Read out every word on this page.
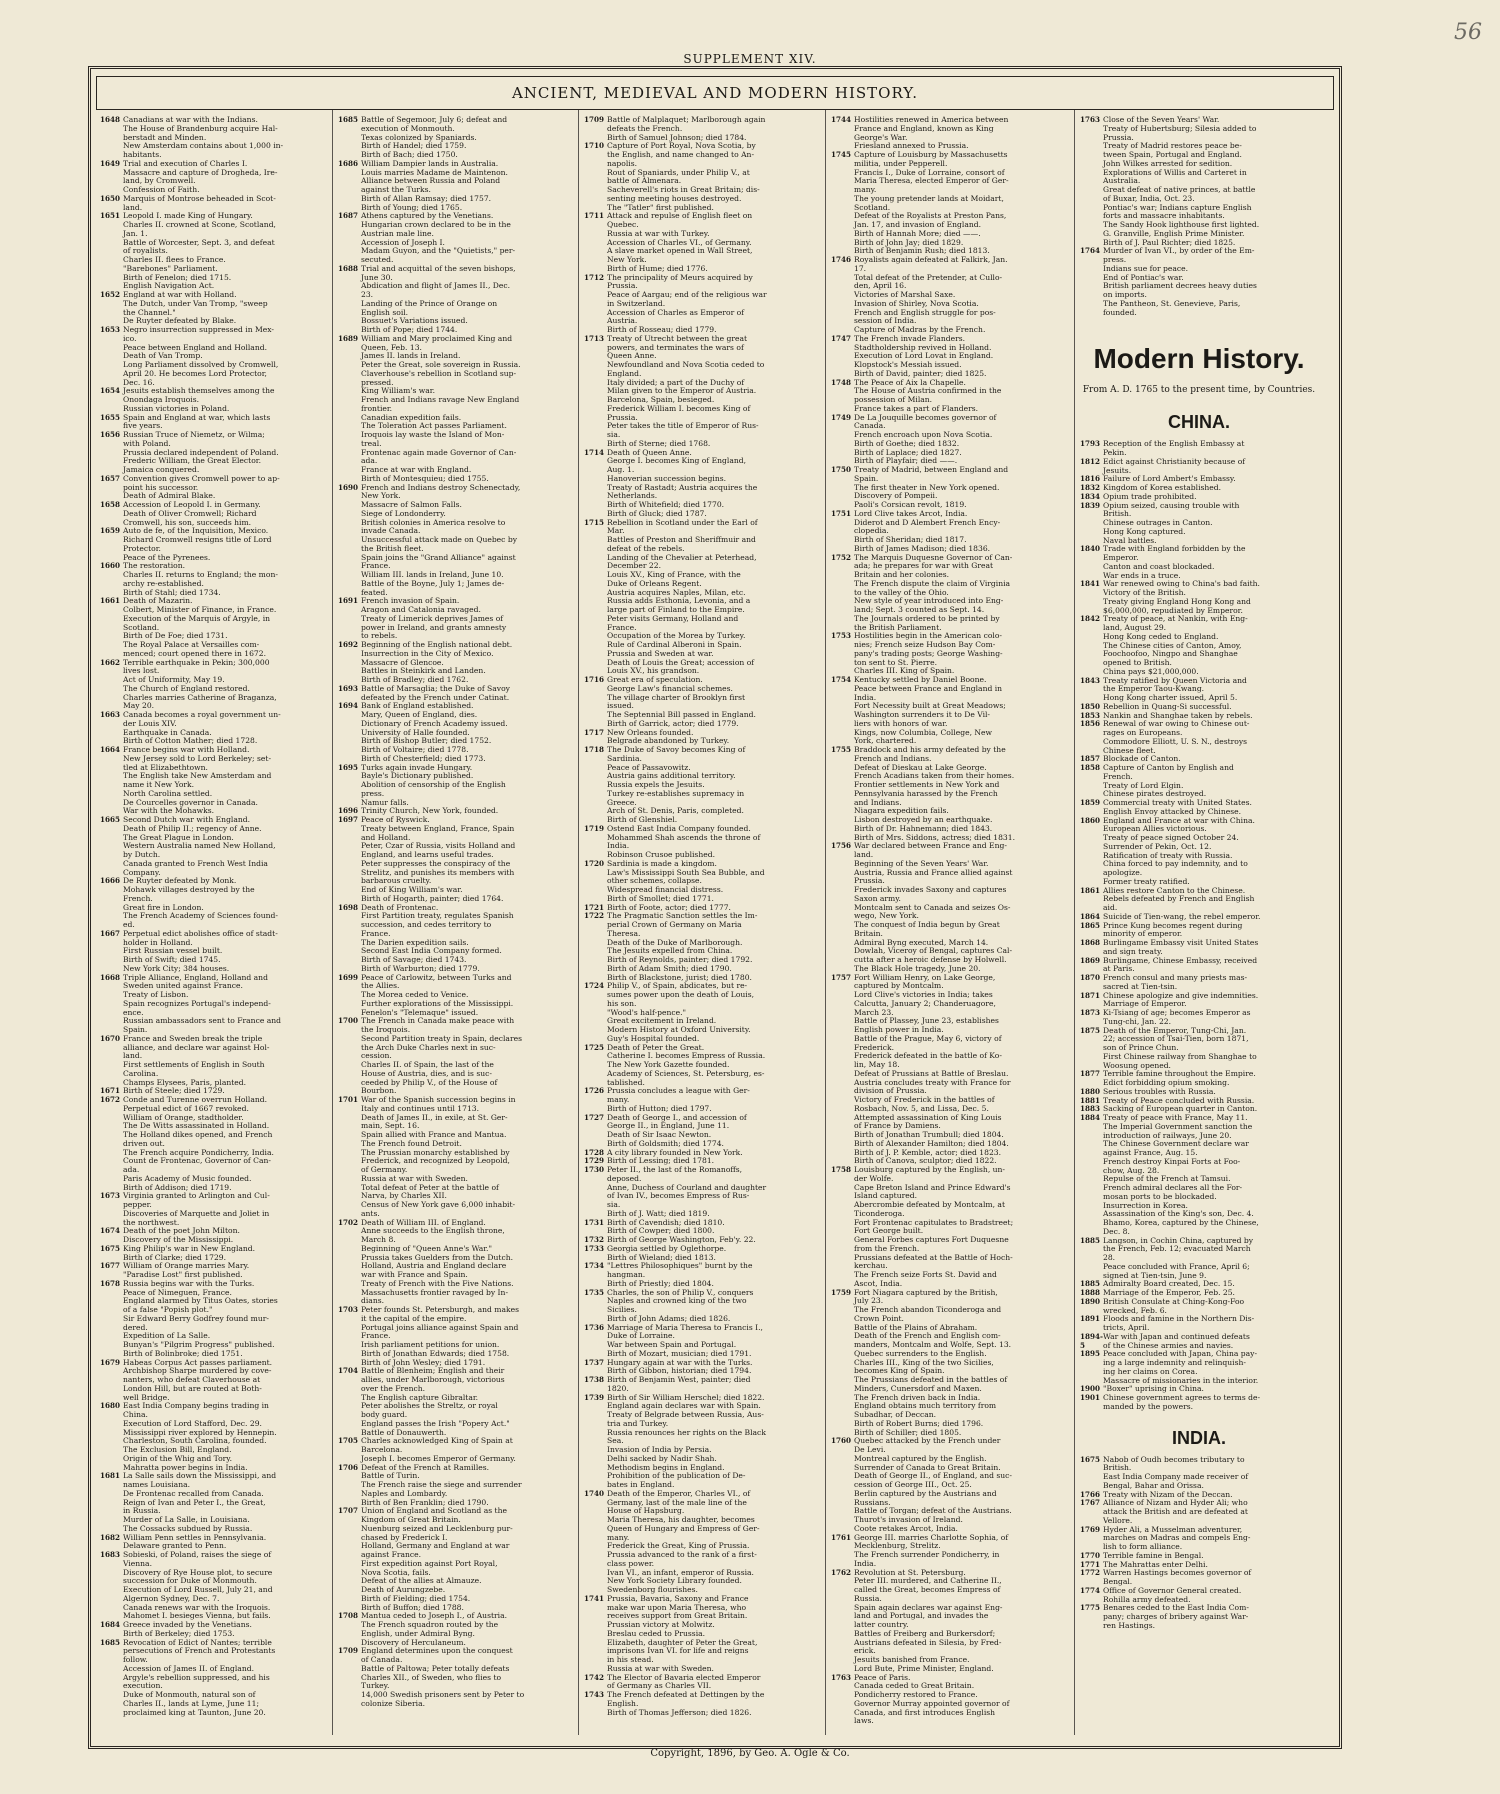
56
SUPPLEMENT XIV.
ANCIENT, MEDIEVAL AND MODERN HISTORY.
1648 Canadians at war with the Indians.
The House of Brandenburg acquire Hal-
berstadt and Minden.
New Amsterdam contains about 1,000 in-
habitants.
1649 Trial and execution of Charles I.
Massacre and capture of Drogheda, Ire-
land, by Cromwell.
Confession of Faith.
1650 Marquis of Montrose beheaded in Scot-
land.
1651 Leopold I. made King of Hungary.
Charles II. crowned at Scone, Scotland,
Jan. 1.
Battle of Worcester, Sept. 3, and defeat
of royalists.
Charles II. flees to France.
"Barebones" Parliament.
Birth of Fenelon; died 1715.
English Navigation Act.
1652 England at war with Holland.
The Dutch, under Van Tromp, "sweep
the Channel."
De Ruyter defeated by Blake.
1653 Negro insurrection suppressed in Mex-
ico.
Peace between England and Holland.
Death of Van Tromp.
Long Parliament dissolved by Cromwell,
April 20. He becomes Lord Protector,
Dec. 16.
1654 Jesuits establish themselves among the
Onondaga Iroquois.
Russian victories in Poland.
1655 Spain and England at war, which lasts
five years.
1656 Russian Truce of Niemetz, or Wilma;
with Poland.
Prussia declared independent of Poland.
Frederic William, the Great Elector.
Jamaica conquered.
1657 Convention gives Cromwell power to ap-
point his successor.
Death of Admiral Blake.
1658 Accession of Leopold I. in Germany.
Death of Oliver Cromwell; Richard
Cromwell, his son, succeeds him.
1659 Auto de fe, of the Inquisition, Mexico.
Richard Cromwell resigns title of Lord
Protector.
Peace of the Pyrenees.
1660 The restoration.
Charles II. returns to England; the mon-
archy re-established.
Birth of Stahl; died 1734.
1661 Death of Mazarin.
Colbert, Minister of Finance, in France.
Execution of the Marquis of Argyle, in
Scotland.
Birth of De Foe; died 1731.
The Royal Palace at Versailles com-
menced; court opened there in 1672.
1662 Terrible earthquake in Pekin; 300,000
lives lost.
Act of Uniformity, May 19.
The Church of England restored.
Charles marries Catherine of Braganza,
May 20.
1663 Canada becomes a royal government un-
der Louis XIV.
Earthquake in Canada.
Birth of Cotton Mather; died 1728.
1664 France begins war with Holland.
New Jersey sold to Lord Berkeley; set-
tled at Elizabethtown.
The English take New Amsterdam and
name it New York.
North Carolina settled.
De Courcelles governor in Canada.
War with the Mohawks.
1665 Second Dutch war with England.
Death of Philip II.; regency of Anne.
The Great Plague in London.
Western Australia named New Holland,
by Dutch.
Canada granted to French West India
Company.
1666 De Ruyter defeated by Monk.
Mohawk villages destroyed by the
French.
Great fire in London.
The French Academy of Sciences found-
ed.
1667 Perpetual edict abolishes office of stadt-
holder in Holland.
First Russian vessel built.
Birth of Swift; died 1745.
New York City; 384 houses.
1668 Triple Alliance, England, Holland and
Sweden united against France.
Treaty of Lisbon.
Spain recognizes Portugal's independ-
ence.
Russian ambassadors sent to France and
Spain.
1670 France and Sweden break the triple
alliance, and declare war against Hol-
land.
First settlements of English in South
Carolina.
Champs Elysees, Paris, planted.
1671 Birth of Steele; died 1729.
1672 Conde and Turenne overrun Holland.
Perpetual edict of 1667 revoked.
William of Orange, stadtholder.
The De Witts assassinated in Holland.
The Holland dikes opened, and French
driven out.
The French acquire Pondicherry, India.
Count de Frontenac, Governor of Can-
ada.
Paris Academy of Music founded.
Birth of Addison; died 1719.
1673 Virginia granted to Arlington and Cul-
pepper.
Discoveries of Marquette and Joliet in
the northwest.
1674 Death of the poet John Milton.
Discovery of the Mississippi.
1675 King Philip's war in New England.
Birth of Clarke; died 1729.
1677 William of Orange marries Mary.
"Paradise Lost" first published.
1678 Russia begins war with the Turks.
Peace of Nimeguen, France.
England alarmed by Titus Oates, stories
of a false "Popish plot."
Sir Edward Berry Godfrey found mur-
dered.
Expedition of La Salle.
Bunyan's "Pilgrim Progress" published.
Birth of Bolinbroke; died 1751.
1679 Habeas Corpus Act passes parliament.
Archbishop Sharpe murdered by cove-
nanters, who defeat Claverhouse at
London Hill, but are routed at Both-
well Bridge.
1680 East India Company begins trading in
China.
Execution of Lord Stafford, Dec. 29.
Mississippi river explored by Hennepin.
Charleston, South Carolina, founded.
The Exclusion Bill, England.
Origin of the Whig and Tory.
Mahratta power begins in India.
1681 La Salle sails down the Mississippi, and
names Louisiana.
De Frontenac recalled from Canada.
Reign of Ivan and Peter I., the Great,
in Russia.
Murder of La Salle, in Louisiana.
The Cossacks subdued by Russia.
1682 William Penn settles in Pennsylvania.
Delaware granted to Penn.
1683 Sobieski, of Poland, raises the siege of
Vienna.
Discovery of Rye House plot, to secure
succession for Duke of Monmouth.
Execution of Lord Russell, July 21, and
Algernon Sydney, Dec. 7.
Canada renews war with the Iroquois.
Mahomet I. besieges Vienna, but fails.
1684 Greece invaded by the Venetians.
Birth of Berkeley; died 1753.
1685 Revocation of Edict of Nantes; terrible
persecutions of French and Protestants
follow.
Accession of James II. of England.
Argyle's rebellion suppressed, and his
execution.
Duke of Monmouth, natural son of
Charles II., lands at Lyme, June 11;
proclaimed king at Taunton, June 20.
1685 Battle of Segemoor, July 6; defeat and
execution of Monmouth.
Texas colonized by Spaniards.
Birth of Handel; died 1759.
Birth of Bach; died 1750.
1686 William Dampier lands in Australia.
Louis marries Madame de Maintenon.
Alliance between Russia and Poland
against the Turks.
Birth of Allan Ramsay; died 1757.
Birth of Young; died 1765.
1687 Athens captured by the Venetians.
Hungarian crown declared to be in the
Austrian male line.
Accession of Joseph I.
Madam Guyon, and the "Quietists," per-
secuted.
1688 Trial and acquittal of the seven bishops,
June 30.
Abdication and flight of James II., Dec.
23.
Landing of the Prince of Orange on
English soil.
Bossuet's Variations issued.
Birth of Pope; died 1744.
1689 William and Mary proclaimed King and
Queen, Feb. 13.
James II. lands in Ireland.
Peter the Great, sole sovereign in Russia.
Claverhouse's rebellion in Scotland sup-
pressed.
King William's war.
French and Indians ravage New England
frontier.
Canadian expedition fails.
The Toleration Act passes Parliament.
Iroquois lay waste the Island of Mon-
treal.
Frontenac again made Governor of Can-
ada.
France at war with England.
Birth of Montesquieu; died 1755.
1690 French and Indians destroy Schenectady,
New York.
Massacre of Salmon Falls.
Siege of Londonderry.
British colonies in America resolve to
invade Canada.
Unsuccessful attack made on Quebec by
the British fleet.
Spain joins the "Grand Alliance" against
France.
William III. lands in Ireland, June 10.
Battle of the Boyne, July 1; James de-
feated.
1691 French invasion of Spain.
Aragon and Catalonia ravaged.
Treaty of Limerick deprives James of
power in Ireland, and grants amnesty
to rebels.
1692 Beginning of the English national debt.
Insurrection in the City of Mexico.
Massacre of Glencoe.
Battles in Steinkirk and Landen.
Birth of Bradley; died 1762.
1693 Battle of Marsaglia; the Duke of Savoy
defeated by the French under Catinat.
1694 Bank of England established.
Mary, Queen of England, dies.
Dictionary of French Academy issued.
University of Halle founded.
Birth of Bishop Butler; died 1752.
Birth of Voltaire; died 1778.
Birth of Chesterfield; died 1773.
1695 Turks again invade Hungary.
Bayle's Dictionary published.
Abolition of censorship of the English
press.
Namur falls.
1696 Trinity Church, New York, founded.
1697 Peace of Ryswick.
Treaty between England, France, Spain
and Holland.
Peter, Czar of Russia, visits Holland and
England, and learns useful trades.
Peter suppresses the conspiracy of the
Strelitz, and punishes its members with
barbarous cruelty.
End of King William's war.
Birth of Hogarth, painter; died 1764.
1698 Death of Frontenac.
First Partition treaty, regulates Spanish
succession, and cedes territory to
France.
The Darien expedition sails.
Second East India Company formed.
Birth of Savage; died 1743.
Birth of Warburton; died 1779.
1699 Peace of Carlowitz, between Turks and
the Allies.
The Morea ceded to Venice.
Further explorations of the Mississippi.
Fenelon's "Telemaque" issued.
1700 The French in Canada make peace with
the Iroquois.
Second Partition treaty in Spain, declares
the Arch Duke Charles next in suc-
cession.
Charles II. of Spain, the last of the
House of Austria, dies, and is suc-
ceeded by Philip V., of the House of
Bourbon.
1701 War of the Spanish succession begins in
Italy and continues until 1713.
Death of James II., in exile, at St. Ger-
main, Sept. 16.
Spain allied with France and Mantua.
The French found Detroit.
The Prussian monarchy established by
Frederick, and recognized by Leopold,
of Germany.
Russia at war with Sweden.
Total defeat of Peter at the battle of
Narva, by Charles XII.
Census of New York gave 6,000 inhabit-
ants.
1702 Death of William III. of England.
Anne succeeds to the English throne,
March 8.
Beginning of "Queen Anne's War."
Prussia takes Guelders from the Dutch.
Holland, Austria and England declare
war with France and Spain.
Treaty of French with the Five Nations.
Massachusetts frontier ravaged by In-
dians.
1703 Peter founds St. Petersburgh, and makes
it the capital of the empire.
Portugal joins alliance against Spain and
France.
Irish parliament petitions for union.
Birth of Jonathan Edwards; died 1758.
Birth of John Wesley; died 1791.
1704 Battle of Blenheim; English and their
allies, under Marlborough, victorious
over the French.
The English capture Gibraltar.
Peter abolishes the Streltz, or royal
body guard.
England passes the Irish "Popery Act."
Battle of Donauwerth.
1705 Charles acknowledged King of Spain at
Barcelona.
Joseph I. becomes Emperor of Germany.
1706 Defeat of the French at Ramilles.
Battle of Turin.
The French raise the siege and surrender
Naples and Lombardy.
Birth of Ben Franklin; died 1790.
1707 Union of England and Scotland as the
Kingdom of Great Britain.
Nuenburg seized and Lecklenburg pur-
chased by Frederick I.
Holland, Germany and England at war
against France.
First expedition against Port Royal,
Nova Scotia, fails.
Defeat of the allies at Almauze.
Death of Aurungzebe.
Birth of Fielding; died 1754.
Birth of Buffon; died 1788.
1708 Mantua ceded to Joseph I., of Austria.
The French squadron routed by the
English, under Admiral Byng.
Discovery of Herculaneum.
1709 England determines upon the conquest
of Canada.
Battle of Paltowa; Peter totally defeats
Charles XII., of Sweden, who flies to
Turkey.
14,000 Swedish prisoners sent by Peter to
colonize Siberia.
1709 Battle of Malplaquet; Marlborough again
defeats the French.
Birth of Samuel Johnson; died 1784.
1710 Capture of Port Royal, Nova Scotia, by
the English, and name changed to An-
napolis.
Rout of Spaniards, under Philip V., at
battle of Almenara.
Sacheverell's riots in Great Britain; dis-
senting meeting houses destroyed.
The "Tatler" first published.
1711 Attack and repulse of English fleet on
Quebec.
Russia at war with Turkey.
Accession of Charles VI., of Germany.
A slave market opened in Wall Street,
New York.
Birth of Hume; died 1776.
1712 The principality of Meurs acquired by
Prussia.
Peace of Aargau; end of the religious war
in Switzerland.
Accession of Charles as Emperor of
Austria.
Birth of Rosseau; died 1779.
1713 Treaty of Utrecht between the great
powers, and terminates the wars of
Queen Anne.
Newfoundland and Nova Scotia ceded to
England.
Italy divided; a part of the Duchy of
Milan given to the Emperor of Austria.
Barcelona, Spain, besieged.
Frederick William I. becomes King of
Prussia.
Peter takes the title of Emperor of Rus-
sia.
Birth of Sterne; died 1768.
1714 Death of Queen Anne.
George I. becomes King of England,
Aug. 1.
Hanoverian succession begins.
Treaty of Rastadt; Austria acquires the
Netherlands.
Birth of Whitefield; died 1770.
Birth of Gluck; died 1787.
1715 Rebellion in Scotland under the Earl of
Mar.
Battles of Preston and Sheriffmuir and
defeat of the rebels.
Landing of the Chevalier at Peterhead,
December 22.
Louis XV., King of France, with the
Duke of Orleans Regent.
Austria acquires Naples, Milan, etc.
Russia adds Esthonia, Levonia, and a
large part of Finland to the Empire.
Peter visits Germany, Holland and
France.
Occupation of the Morea by Turkey.
Rule of Cardinal Alberoni in Spain.
Prussia and Sweden at war.
Death of Louis the Great; accession of
Louis XV., his grandson.
1716 Great era of speculation.
George Law's financial schemes.
The village charter of Brooklyn first
issued.
The Septennial Bill passed in England.
Birth of Garrick, actor; died 1779.
1717 New Orleans founded.
Belgrade abandoned by Turkey.
1718 The Duke of Savoy becomes King of
Sardinia.
Peace of Passavowitz.
Austria gains additional territory.
Russia expels the Jesuits.
Turkey re-establishes supremacy in
Greece.
Arch of St. Denis, Paris, completed.
Birth of Glenshiel.
1719 Ostend East India Company founded.
Mohammed Shah ascends the throne of
India.
Robinson Crusoe published.
1720 Sardinia is made a kingdom.
Law's Mississippi South Sea Bubble, and
other schemes, collapse.
Widespread financial distress.
Birth of Smollet; died 1771.
1721 Birth of Foote, actor; died 1777.
1722 The Pragmatic Sanction settles the Im-
perial Crown of Germany on Maria
Theresa.
Death of the Duke of Marlborough.
The Jesuits expelled from China.
Birth of Reynolds, painter; died 1792.
Birth of Adam Smith; died 1790.
Birth of Blackstone, jurist; died 1780.
1724 Philip V., of Spain, abdicates, but re-
sumes power upon the death of Louis,
his son.
"Wood's half-pence."
Great excitement in Ireland.
Modern History at Oxford University.
Guy's Hospital founded.
1725 Death of Peter the Great.
Catherine I. becomes Empress of Russia.
The New York Gazette founded.
Academy of Sciences, St. Petersburg, es-
tablished.
1726 Prussia concludes a league with Ger-
many.
Birth of Hutton; died 1797.
1727 Death of George I., and accession of
George II., in England, June 11.
Death of Sir Isaac Newton.
Birth of Goldsmith; died 1774.
1728 A city library founded in New York.
1729 Birth of Lessing; died 1781.
1730 Peter II., the last of the Romanoffs,
deposed.
Anne, Duchess of Courland and daughter
of Ivan IV., becomes Empress of Rus-
sia.
Birth of J. Watt; died 1819.
1731 Birth of Cavendish; died 1810.
Birth of Cowper; died 1800.
1732 Birth of George Washington, Feb'y. 22.
1733 Georgia settled by Oglethorpe.
Birth of Wieland; died 1813.
1734 "Lettres Philosophiques" burnt by the
hangman.
Birth of Priestly; died 1804.
1735 Charles, the son of Philip V., conquers
Naples and crowned king of the two
Sicilies.
Birth of John Adams; died 1826.
1736 Marriage of Maria Theresa to Francis I.,
Duke of Lorraine.
War between Spain and Portugal.
Birth of Mozart, musician; died 1791.
1737 Hungary again at war with the Turks.
Birth of Gibbon, historian; died 1794.
1738 Birth of Benjamin West, painter; died
1820.
1739 Birth of Sir William Herschel; died 1822.
England again declares war with Spain.
Treaty of Belgrade between Russia, Aus-
tria and Turkey.
Russia renounces her rights on the Black
Sea.
Invasion of India by Persia.
Delhi sacked by Nadir Shah.
Methodism begins in England.
Prohibition of the publication of De-
bates in England.
1740 Death of the Emperor, Charles VI., of
Germany, last of the male line of the
House of Hapsburg.
Maria Theresa, his daughter, becomes
Queen of Hungary and Empress of Ger-
many.
Frederick the Great, King of Prussia.
Prussia advanced to the rank of a first-
class power.
Ivan VI., an infant, emperor of Russia.
New York Society Library founded.
Swedenborg flourishes.
1741 Prussia, Bavaria, Saxony and France
make war upon Maria Theresa, who
receives support from Great Britain.
Prussian victory at Molwitz.
Breslau ceded to Prussia.
Elizabeth, daughter of Peter the Great,
imprisons Ivan VI. for life and reigns
in his stead.
Russia at war with Sweden.
1742 The Elector of Bavaria elected Emperor
of Germany as Charles VII.
1743 The French defeated at Dettingen by the
English.
Birth of Thomas Jefferson; died 1826.
1744 Hostilities renewed in America between
France and England, known as King
George's War.
Friesland annexed to Prussia.
1745 Capture of Louisburg by Massachusetts
militia, under Pepperell.
Francis I., Duke of Lorraine, consort of
Maria Theresa, elected Emperor of Ger-
many.
The young pretender lands at Moidart,
Scotland.
Defeat of the Royalists at Preston Pans,
Jan. 17, and invasion of England.
Birth of Hannah More; died ——.
Birth of John Jay; died 1829.
Birth of Benjamin Rush; died 1813.
1746 Royalists again defeated at Falkirk, Jan.
17.
Total defeat of the Pretender, at Cullo-
den, April 16.
Victories of Marshal Saxe.
Invasion of Shirley, Nova Scotia.
French and English struggle for pos-
session of India.
Capture of Madras by the French.
1747 The French invade Flanders.
Stadtholdership revived in Holland.
Execution of Lord Lovat in England.
Klopstock's Messiah issued.
Birth of David, painter; died 1825.
1748 The Peace of Aix la Chapelle.
The House of Austria confirmed in the
possession of Milan.
France takes a part of Flanders.
1749 De La Jouquille becomes governor of
Canada.
French encroach upon Nova Scotia.
Birth of Goethe; died 1832.
Birth of Laplace; died 1827.
Birth of Playfair; died ——.
1750 Treaty of Madrid, between England and
Spain.
The first theater in New York opened.
Discovery of Pompeii.
Paoli's Corsican revolt, 1819.
1751 Lord Clive takes Arcot, India.
Diderot and D Alembert French Ency-
clopedia.
Birth of Sheridan; died 1817.
Birth of James Madison; died 1836.
1752 The Marquis Duquesne Governor of Can-
ada; he prepares for war with Great
Britain and her colonies.
The French dispute the claim of Virginia
to the valley of the Ohio.
New style of year introduced into Eng-
land; Sept. 3 counted as Sept. 14.
The Journals ordered to be printed by
the British Parliament.
1753 Hostilities begin in the American colo-
nies; French seize Hudson Bay Com-
pany's trading posts; George Washing-
ton sent to St. Pierre.
Charles III. King of Spain.
1754 Kentucky settled by Daniel Boone.
Peace between France and England in
India.
Fort Necessity built at Great Meadows;
Washington surrenders it to De Vil-
liers with honors of war.
Kings, now Columbia, College, New
York, chartered.
1755 Braddock and his army defeated by the
French and Indians.
Defeat of Dieskau at Lake George.
French Acadians taken from their homes.
Frontier settlements in New York and
Pennsylvania harassed by the French
and Indians.
Niagara expedition fails.
Lisbon destroyed by an earthquake.
Birth of Dr. Hahnemann; died 1843.
Birth of Mrs. Siddons, actress; died 1831.
1756 War declared between France and Eng-
land.
Beginning of the Seven Years' War.
Austria, Russia and France allied against
Prussia.
Frederick invades Saxony and captures
Saxon army.
Montcalm sent to Canada and seizes Os-
wego, New York.
The conquest of India begun by Great
Britain.
Admiral Byng executed, March 14.
Dowlah, Viceroy of Bengal, captures Cal-
cutta after a heroic defense by Holwell.
The Black Hole tragedy, June 20.
1757 Fort William Henry, on Lake George,
captured by Montcalm.
Lord Clive's victories in India; takes
Calcutta, January 2; Chanderuagore,
March 23.
Battle of Plassey, June 23, establishes
English power in India.
Battle of the Prague, May 6, victory of
Frederick.
Frederick defeated in the battle of Ko-
lin, May 18.
Defeat of Prussians at Battle of Breslau.
Austria concludes treaty with France for
division of Prussia.
Victory of Frederick in the battles of
Rosbach, Nov. 5, and Lissa, Dec. 5.
Attempted assassination of King Louis
of France by Damiens.
Birth of Jonathan Trumbull; died 1804.
Birth of Alexander Hamilton; died 1804.
Birth of J. P. Kemble, actor; died 1823.
Birth of Canova, sculptor; died 1822.
1758 Louisburg captured by the English, un-
der Wolfe.
Cape Breton Island and Prince Edward's
Island captured.
Abercrombie defeated by Montcalm, at
Ticonderoga.
Fort Frontenac capitulates to Bradstreet;
Fort George built.
General Forbes captures Fort Duquesne
from the French.
Prussians defeated at the Battle of Hoch-
kerchau.
The French seize Forts St. David and
Ascot, India.
1759 Fort Niagara captured by the British,
July 23.
The French abandon Ticonderoga and
Crown Point.
Battle of the Plains of Abraham.
Death of the French and English com-
manders, Montcalm and Wolfe, Sept. 13.
Quebec surrenders to the English.
Charles III., King of the two Sicilies,
becomes King of Spain.
The Prussians defeated in the battles of
Minders, Cunersdorf and Maxen.
The French driven back in India.
England obtains much territory from
Subadhar, of Deccan.
Birth of Robert Burns; died 1796.
Birth of Schiller; died 1805.
1760 Quebec attacked by the French under
De Levi.
Montreal captured by the English.
Surrender of Canada to Great Britain.
Death of George II., of England, and suc-
cession of George III., Oct. 25.
Berlin captured by the Austrians and
Russians.
Battle of Torgan; defeat of the Austrians.
Thurot's invasion of Ireland.
Coote retakes Arcot, India.
1761 George III. marries Charlotte Sophia, of
Mecklenburg, Strelitz.
The French surrender Pondicherry, in
India.
1762 Revolution at St. Petersburg.
Peter III. murdered, and Catherine II.,
called the Great, becomes Empress of
Russia.
Spain again declares war against Eng-
land and Portugal, and invades the
latter country.
Battles of Freiberg and Burkersdorf;
Austrians defeated in Silesia, by Fred-
erick.
Jesuits banished from France.
Lord Bute, Prime Minister, England.
1763 Peace of Paris.
Canada ceded to Great Britain.
Pondicherry restored to France.
Governor Murray appointed governor of
Canada, and first introduces English
laws.
1763 Close of the Seven Years' War.
Treaty of Hubertsburg; Silesia added to
Prussia.
Treaty of Madrid restores peace be-
tween Spain, Portugal and England.
John Wilkes arrested for sedition.
Explorations of Willis and Carteret in
Australia.
Great defeat of native princes, at battle
of Buxar, India, Oct. 23.
Pontiac's war; Indians capture English
forts and massacre inhabitants.
The Sandy Hook lighthouse first lighted.
G. Granville, English Prime Minister.
Birth of J. Paul Richter; died 1825.
1764 Murder of Ivan VI., by order of the Em-
press.
Indians sue for peace.
End of Pontiac's war.
British parliament decrees heavy duties
on imports.
The Pantheon, St. Genevieve, Paris,
founded.
Modern History.
From A. D. 1765 to the present time, by Countries.
CHINA.
1793 Reception of the English Embassy at
Pekin.
1812 Edict against Christianity because of
Jesuits.
1816 Failure of Lord Ambert's Embassy.
1832 Kingdom of Korea established.
1834 Opium trade prohibited.
1839 Opium seized, causing trouble with
British.
Chinese outrages in Canton.
Hong Kong captured.
Naval battles.
1840 Trade with England forbidden by the
Emperor.
Canton and coast blockaded.
War ends in a truce.
1841 War renewed owing to China's bad faith.
Victory of the British.
Treaty giving England Hong Kong and
$6,000,000, repudiated by Emperor.
1842 Treaty of peace, at Nankin, with Eng-
land, August 29.
Hong Kong ceded to England.
The Chinese cities of Canton, Amoy,
Foochoofoo, Ningpo and Shanghae
opened to British.
China pays $21,000,000.
1843 Treaty ratified by Queen Victoria and
the Emperor Taou-Kwang.
Hong Kong charter issued, April 5.
1850 Rebellion in Quang-Si successful.
1853 Nankin and Shanghae taken by rebels.
1856 Renewal of war owing to Chinese out-
rages on Europeans.
Commodore Elliott, U. S. N., destroys
Chinese fleet.
1857 Blockade of Canton.
1858 Capture of Canton by English and
French.
Treaty of Lord Elgin.
Chinese pirates destroyed.
1859 Commercial treaty with United States.
English Envoy attacked by Chinese.
1860 England and France at war with China.
European Allies victorious.
Treaty of peace signed October 24.
Surrender of Pekin, Oct. 12.
Ratification of treaty with Russia.
China forced to pay indemnity, and to
apologize.
Former treaty ratified.
1861 Allies restore Canton to the Chinese.
Rebels defeated by French and English
aid.
1864 Suicide of Tien-wang, the rebel emperor.
1865 Prince Kung becomes regent during
minority of emperor.
1868 Burlingame Embassy visit United States
and sign treaty.
1869 Burlingame, Chinese Embassy, received
at Paris.
1870 French consul and many priests mas-
sacred at Tien-tsin.
1871 Chinese apologize and give indemnities.
Marriage of Emperor.
1873 Ki-Tsiang of age; becomes Emperor as
Tung-chi, Jan. 22.
1875 Death of the Emperor, Tung-Chi, Jan.
22; accession of Tsai-Tien, born 1871,
son of Prince Chun.
First Chinese railway from Shanghae to
Woosung opened.
1877 Terrible famine throughout the Empire.
Edict forbidding opium smoking.
1880 Serious troubles with Russia.
1881 Treaty of Peace concluded with Russia.
1883 Sacking of European quarter in Canton.
1884 Treaty of peace with France, May 11.
The Imperial Government sanction the
introduction of railways, June 20.
The Chinese Government declare war
against France, Aug. 15.
French destroy Kinpai Forts at Foo-
chow, Aug. 28.
Repulse of the French at Tamsui.
French admiral declares all the For-
mosan ports to be blockaded.
Insurrection in Korea.
Assassination of the King's son, Dec. 4.
Bhamo, Korea, captured by the Chinese,
Dec. 8.
1885 Langson, in Cochin China, captured by
the French, Feb. 12; evacuated March
28.
Peace concluded with France, April 6;
signed at Tien-tsin, June 9.
1885 Admiralty Board created, Dec. 15.
1888 Marriage of the Emperor, Feb. 25.
1890 British Consulate at Ching-Kong-Foo
wrecked, Feb. 6.
1891 Floods and famine in the Northern Dis-
tricts, April.
1894-5
War with Japan and continued defeats
of the Chinese armies and navies.
1895 Peace concluded with Japan, China pay-
ing a large indemnity and relinquish-
ing her claims on Corea.
Massacre of missionaries in the interior.
1900 "Boxer" uprising in China.
1901 Chinese government agrees to terms de-
manded by the powers.
INDIA.
1675 Nabob of Oudh becomes tributary to
British.
East India Company made receiver of
Bengal, Bahar and Orissa.
1766 Treaty with Nizam of the Deccan.
1767 Alliance of Nizam and Hyder Ali; who
attack the British and are defeated at
Vellore.
1769 Hyder Ali, a Musselman adventurer,
marches on Madras and compels Eng-
lish to form alliance.
1770 Terrible famine in Bengal.
1771 The Mahrattas enter Delhi.
1772 Warren Hastings becomes governor of
Bengal.
1774 Office of Governor General created.
Rohilla army defeated.
1775 Benares ceded to the East India Com-
pany; charges of bribery against War-
ren Hastings.
Copyright, 1896, by Geo. A. Ogle & Co.
